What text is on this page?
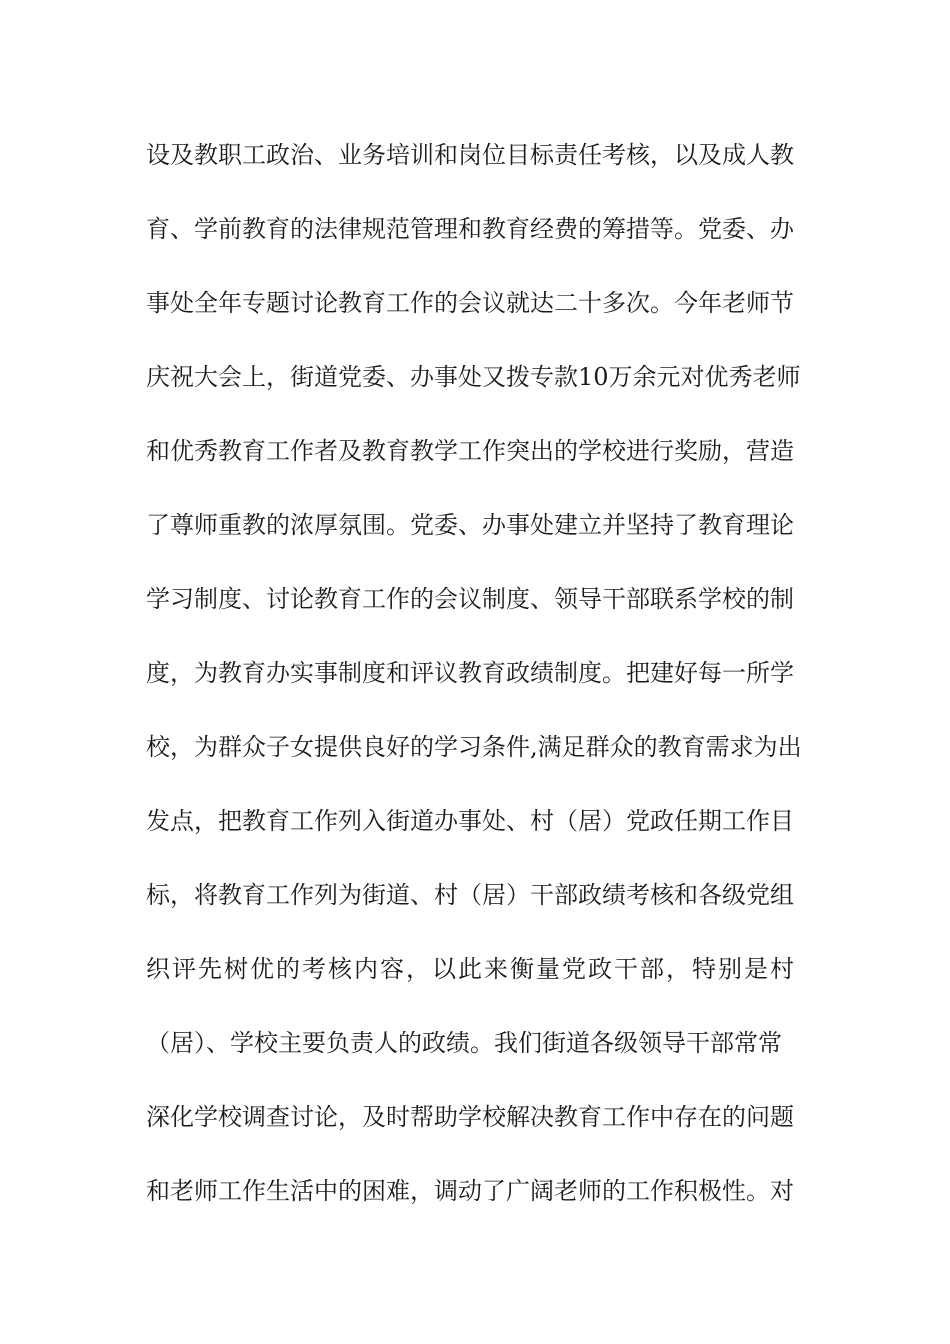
设及教职工政治、业务培训和岗位目标责任考核，以及成人教
育、学前教育的法律规范管理和教育经费的筹措等。党委、办
事处全年专题讨论教育工作的会议就达二十多次。今年老师节
庆祝大会上，街道党委、办事处又拨专款10万余元对优秀老师
和优秀教育工作者及教育教学工作突出的学校进行奖励，营造
了尊师重教的浓厚氛围。党委、办事处建立并坚持了教育理论
学习制度、讨论教育工作的会议制度、领导干部联系学校的制
度，为教育办实事制度和评议教育政绩制度。把建好每一所学
校，为群众子女提供良好的学习条件,满足群众的教育需求为出
发点，把教育工作列入街道办事处、村（居）党政任期工作目
标，将教育工作列为街道、村（居）干部政绩考核和各级党组
织评先树优的考核内容，以此来衡量党政干部，特别是村
（居）、学校主要负责人的政绩。我们街道各级领导干部常常
深化学校调查讨论，及时帮助学校解决教育工作中存在的问题
和老师工作生活中的困难，调动了广阔老师的工作积极性。对
